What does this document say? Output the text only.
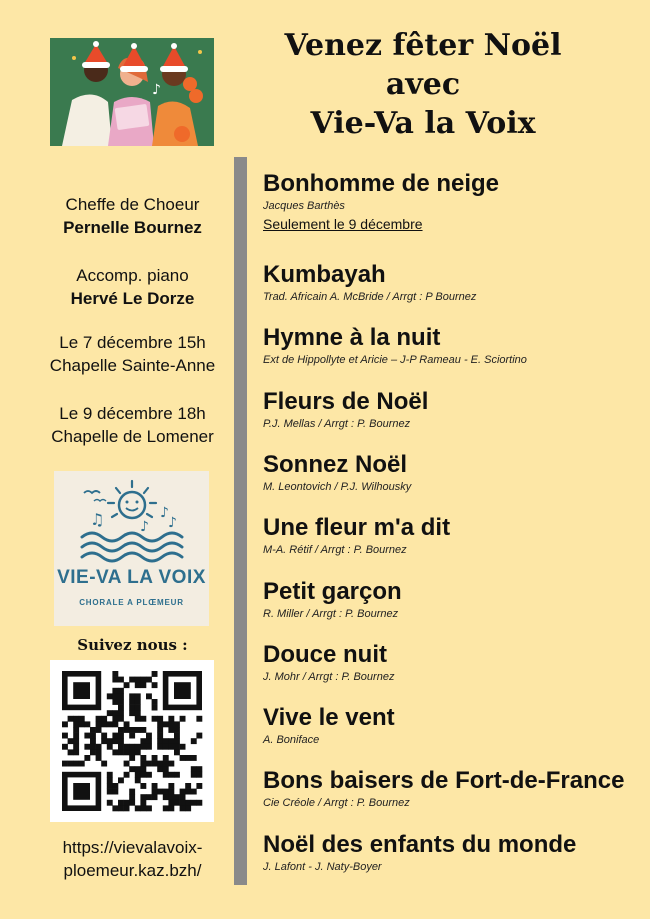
♪
Venez fêter Noël
avec
Vie-Va la Voix
Cheffe de Choeur
Pernelle Bournez
Accomp. piano
Hervé Le Dorze
Le 7 décembre 15h
Chapelle Sainte-Anne
Le 9 décembre 18h
Chapelle de Lomener
♫	♪
♪ ♪
VIE-VA LA VOIX
CHORALE A PLŒMEUR
Suivez nous :
https://vievalavoix-
ploemeur.kaz.bzh/
Bonhomme de neige
Jacques Barthès
Seulement le 9 décembre
Kumbayah
Trad. Africain A. McBride / Arrgt : P Bournez
Hymne à la nuit
Ext de Hippollyte et Aricie – J-P Rameau - E. Sciortino
Fleurs de Noël
P.J. Mellas / Arrgt : P. Bournez
Sonnez Noël
M. Leontovich / P.J. Wilhousky
Une fleur m'a dit
M-A. Rétif / Arrgt : P. Bournez
Petit garçon
R. Miller / Arrgt : P. Bournez
Douce nuit
J. Mohr / Arrgt : P. Bournez
Vive le vent
A. Boniface
Bons baisers de Fort-de-France
Cie Créole / Arrgt : P. Bournez
Noël des enfants du monde
J. Lafont - J. Naty-Boyer
